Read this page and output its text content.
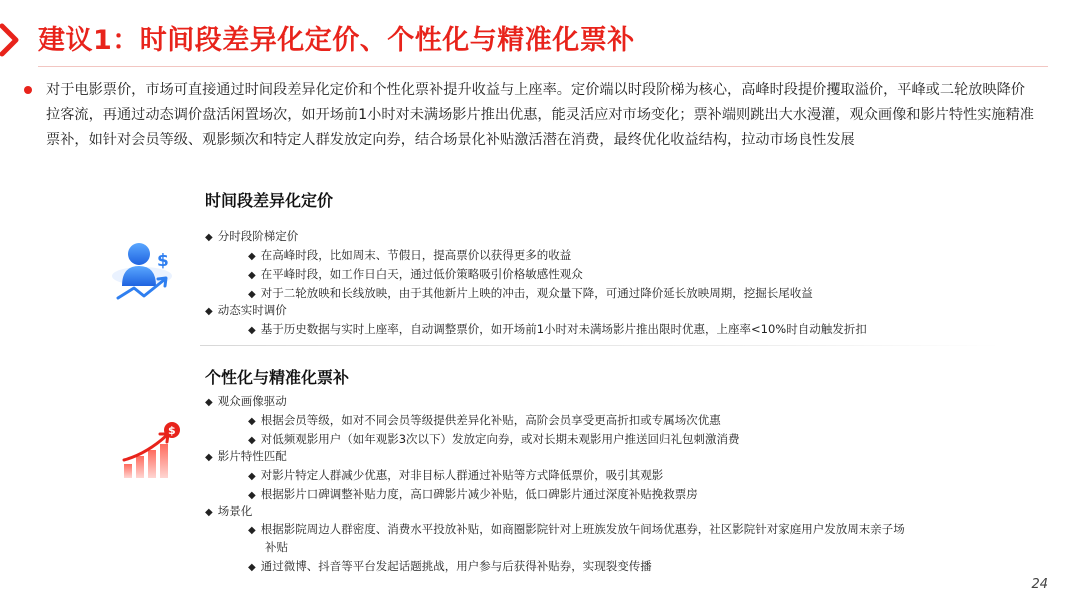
建议1：时间段差异化定价、个性化与精准化票补
对于电影票价，市场可直接通过时间段差异化定价和个性化票补提升收益与上座率。定价端以时段阶梯为核心，高峰时段提价攫取溢价，平峰或二轮放映降价拉客流，再通过动态调价盘活闲置场次，如开场前1小时对未满场影片推出优惠，能灵活应对市场变化；票补端则跳出大水漫灌，观众画像和影片特性实施精准票补，如针对会员等级、观影频次和特定人群发放定向券，结合场景化补贴激活潜在消费，最终优化收益结构，拉动市场良性发展
$
时间段差异化定价
◆ 分时段阶梯定价
◆ 在高峰时段，比如周末、节假日，提高票价以获得更多的收益
◆ 在平峰时段，如工作日白天，通过低价策略吸引价格敏感性观众
◆ 对于二轮放映和长线放映，由于其他新片上映的冲击，观众量下降，可通过降价延长放映周期，挖掘长尾收益
◆ 动态实时调价
◆ 基于历史数据与实时上座率，自动调整票价，如开场前1小时对未满场影片推出限时优惠，上座率<10%时自动触发折扣
$
个性化与精准化票补
◆ 观众画像驱动
◆ 根据会员等级，如对不同会员等级提供差异化补贴，高阶会员享受更高折扣或专属场次优惠
◆ 对低频观影用户（如年观影3次以下）发放定向券，或对长期未观影用户推送回归礼包刺激消费
◆ 影片特性匹配
◆ 对影片特定人群减少优惠，对非目标人群通过补贴等方式降低票价，吸引其观影
◆ 根据影片口碑调整补贴力度，高口碑影片减少补贴，低口碑影片通过深度补贴挽救票房
◆ 场景化
◆ 根据影院周边人群密度、消费水平投放补贴，如商圈影院针对上班族发放午间场优惠券，社区影院针对家庭用户发放周末亲子场
补贴
◆ 通过微博、抖音等平台发起话题挑战，用户参与后获得补贴券，实现裂变传播
24
